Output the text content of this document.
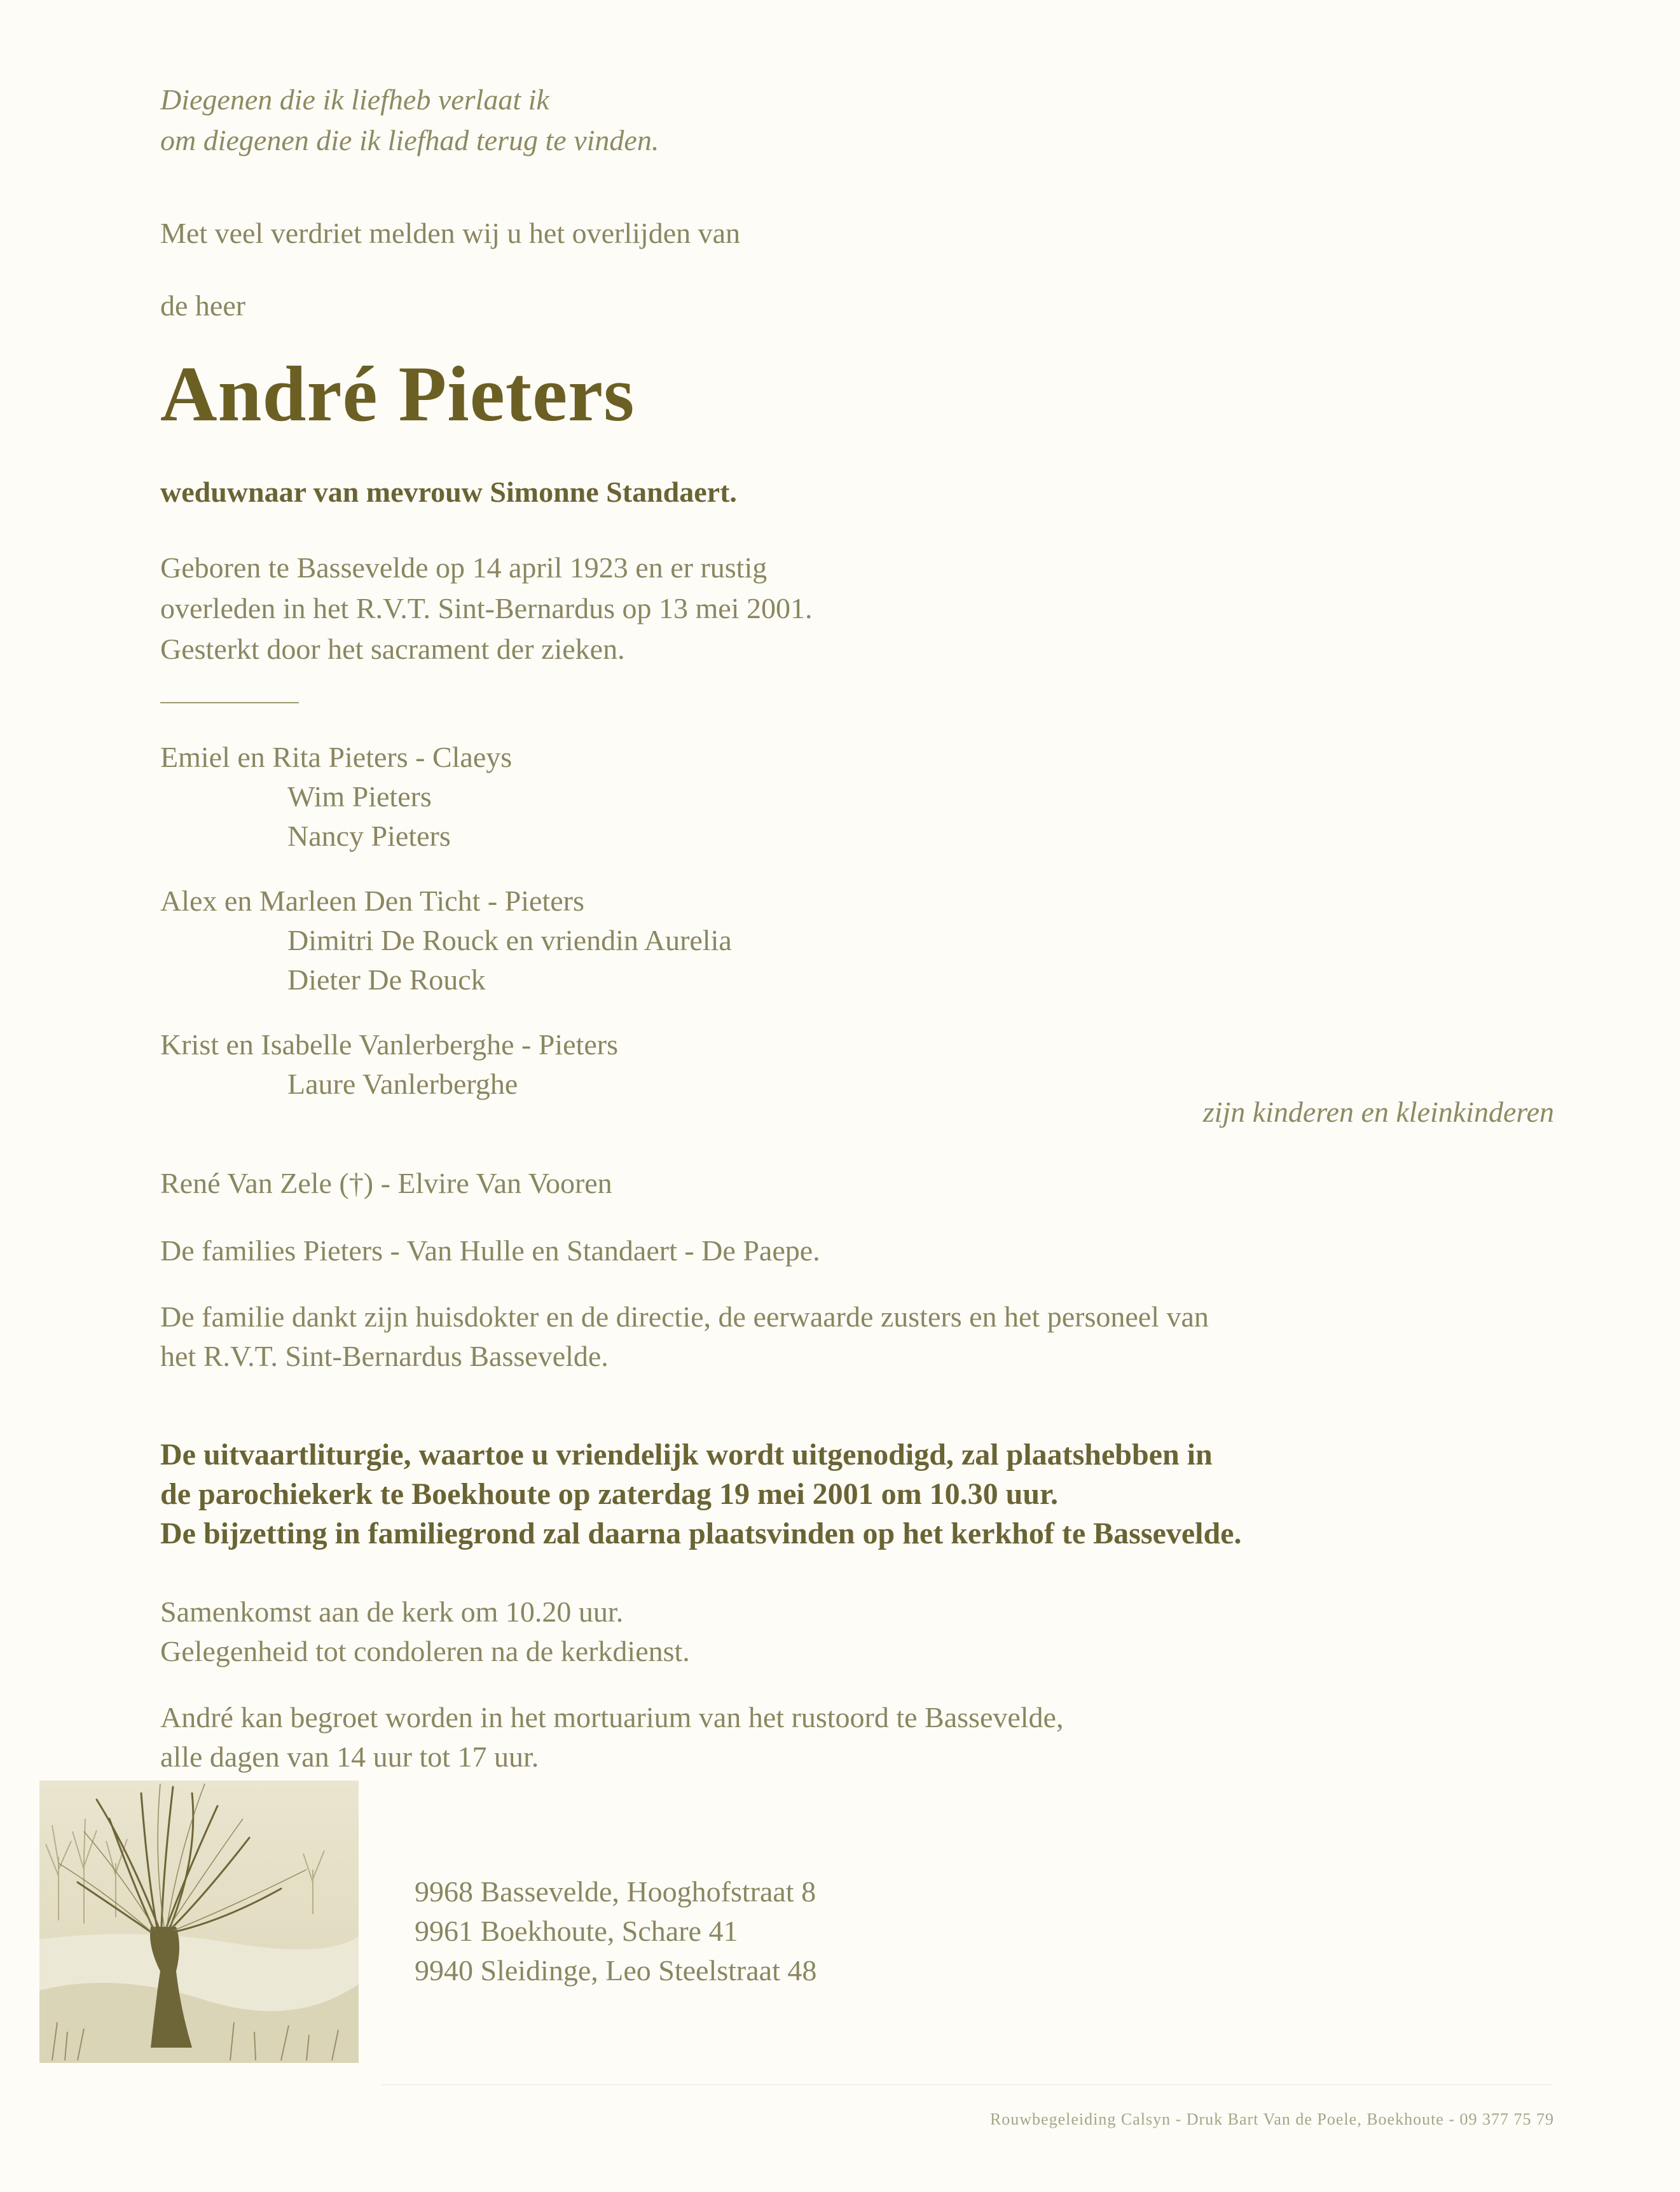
Diegenen die ik liefheb verlaat ik
om diegenen die ik liefhad terug te vinden.
Met veel verdriet melden wij u het overlijden van
de heer
André Pieters
weduwnaar van mevrouw Simonne Standaert.
Geboren te Bassevelde op 14 april 1923 en er rustig
overleden in het R.V.T. Sint-Bernardus op 13 mei 2001.
Gesterkt door het sacrament der zieken.
Emiel en Rita Pieters - Claeys
Wim Pieters
Nancy Pieters
Alex en Marleen Den Ticht - Pieters
Dimitri De Rouck en vriendin Aurelia
Dieter De Rouck
Krist en Isabelle Vanlerberghe - Pieters
Laure Vanlerberghe
zijn kinderen en kleinkinderen
René Van Zele (†) - Elvire Van Vooren
De families Pieters - Van Hulle en Standaert - De Paepe.
De familie dankt zijn huisdokter en de directie, de eerwaarde zusters en het personeel van
het R.V.T. Sint-Bernardus Bassevelde.
De uitvaartliturgie, waartoe u vriendelijk wordt uitgenodigd, zal plaatshebben in
de parochiekerk te Boekhoute op zaterdag 19 mei 2001 om 10.30 uur.
De bijzetting in familiegrond zal daarna plaatsvinden op het kerkhof te Bassevelde.
Samenkomst aan de kerk om 10.20 uur.
Gelegenheid tot condoleren na de kerkdienst.
André kan begroet worden in het mortuarium van het rustoord te Bassevelde,
alle dagen van 14 uur tot 17 uur.
9968 Bassevelde, Hooghofstraat 8
9961 Boekhoute, Schare 41
9940 Sleidinge, Leo Steelstraat 48
Rouwbegeleiding Calsyn - Druk Bart Van de Poele, Boekhoute - 09 377 75 79
